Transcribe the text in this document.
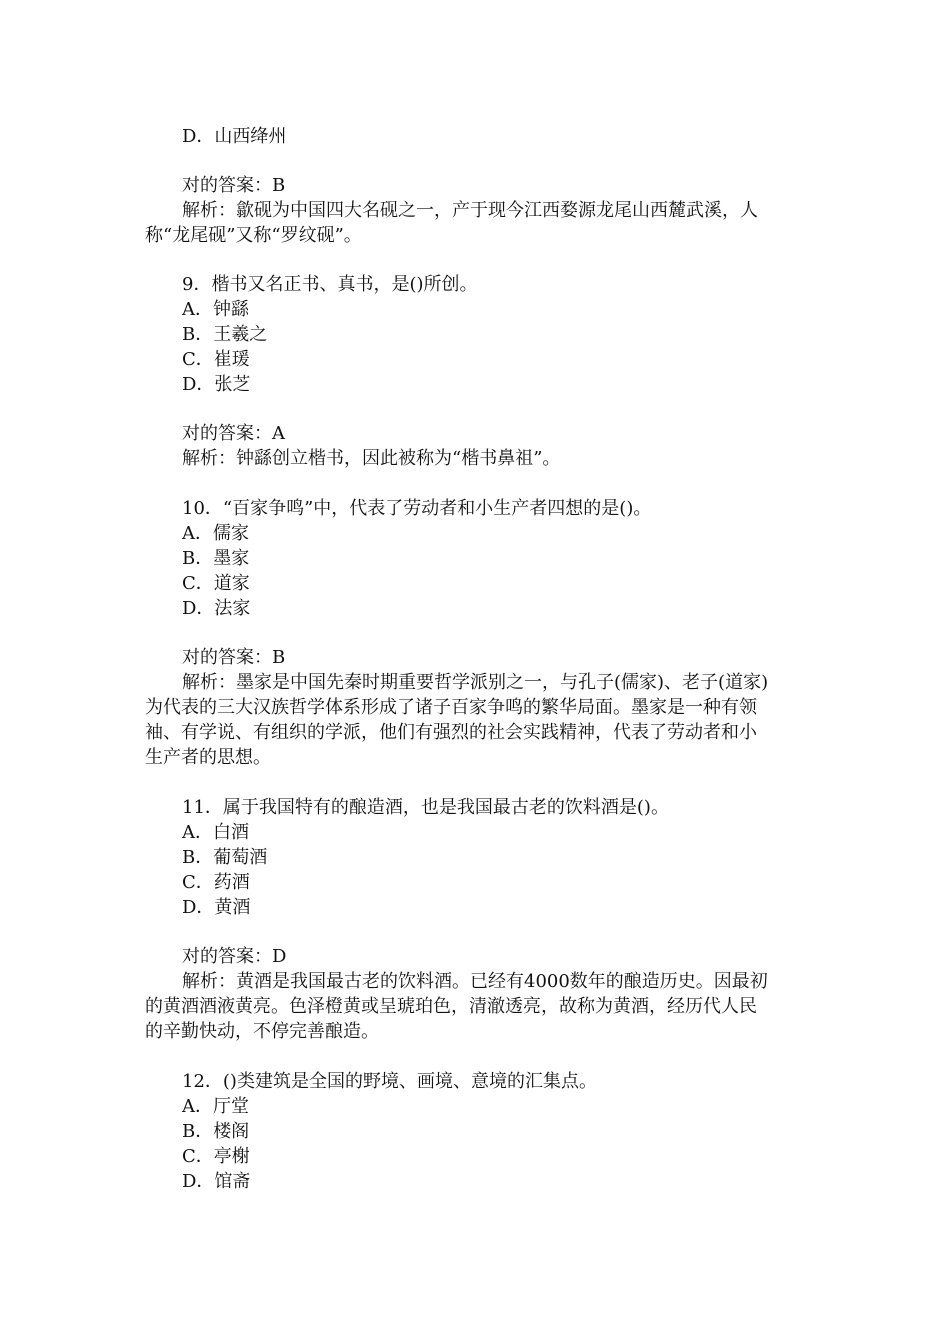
D．山西绛州
对的答案：B
解析：歙砚为中国四大名砚之一，产于现今江西婺源龙尾山西麓武溪，人
称“龙尾砚”又称“罗纹砚”。
9．楷书又名正书、真书，是()所创。
A．钟繇
B．王羲之
C．崔瑗
D．张芝
对的答案：A
解析：钟繇创立楷书，因此被称为“楷书鼻祖”。
10．“百家争鸣”中，代表了劳动者和小生产者四想的是()。
A．儒家
B．墨家
C．道家
D．法家
对的答案：B
解析：墨家是中国先秦时期重要哲学派别之一，与孔子(儒家)、老子(道家)
为代表的三大汉族哲学体系形成了诸子百家争鸣的繁华局面。墨家是一种有领
袖、有学说、有组织的学派，他们有强烈的社会实践精神，代表了劳动者和小
生产者的思想。
11．属于我国特有的酿造酒，也是我国最古老的饮料酒是()。
A．白酒
B．葡萄酒
C．药酒
D．黄酒
对的答案：D
解析：黄酒是我国最古老的饮料酒。已经有4000数年的酿造历史。因最初
的黄酒酒液黄亮。色泽橙黄或呈琥珀色，清澈透亮，故称为黄酒，经历代人民
的辛勤快动，不停完善酿造。
12．()类建筑是全国的野境、画境、意境的汇集点。
A．厅堂
B．楼阁
C．亭榭
D．馆斋
